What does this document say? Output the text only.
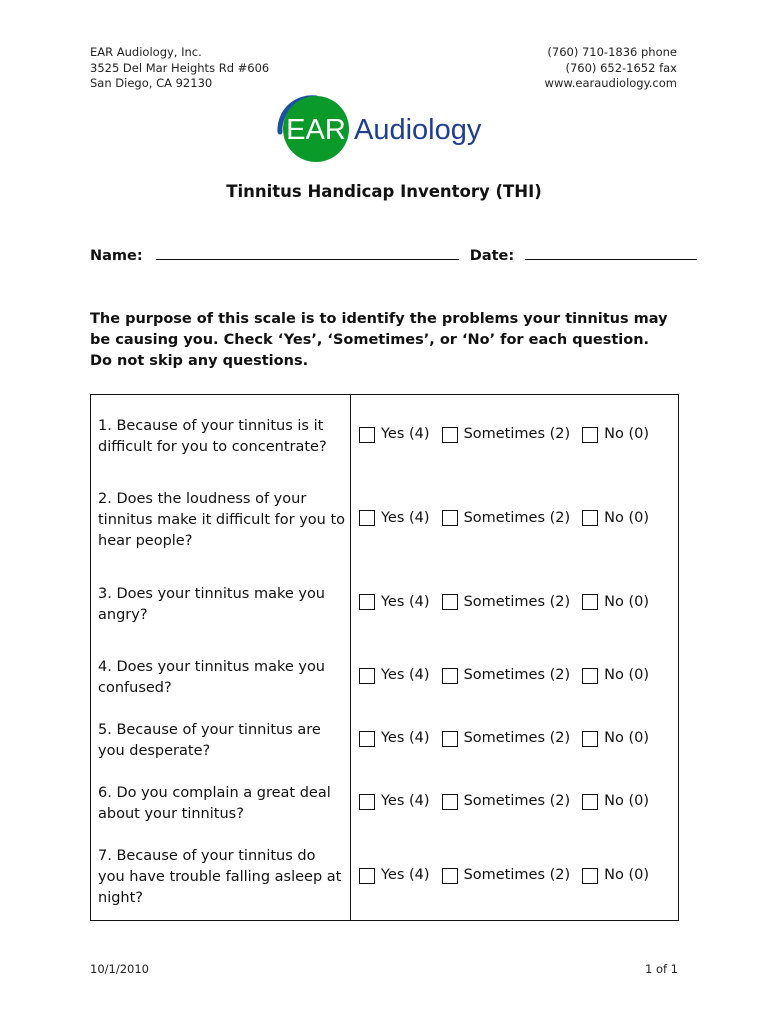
EAR Audiology, Inc.
3525 Del Mar Heights Rd #606
San Diego, CA 92130
(760) 710-1836 phone
(760) 652-1652 fax
www.earaudiology.com
EAR Audiology
Tinnitus Handicap Inventory (THI)
Name:	Date:
The purpose of this scale is to identify the problems your tinnitus may
be causing you. Check ‘Yes’, ‘Sometimes’, or ‘No’ for each question.
Do not skip any questions.
1. Because of your tinnitus is it difficult for you to concentrate?	Yes (4) Sometimes (2) No (0)

2. Does the loudness of your tinnitus make it difficult for you to hear people?	Yes (4) Sometimes (2) No (0)

3. Does your tinnitus make you angry?	Yes (4) Sometimes (2) No (0)

4. Does your tinnitus make you confused?	Yes (4) Sometimes (2) No (0)

5. Because of your tinnitus are you desperate?	Yes (4) Sometimes (2) No (0)

6. Do you complain a great deal about your tinnitus?	Yes (4) Sometimes (2) No (0)

7. Because of your tinnitus do you have trouble falling asleep at night?	Yes (4) Sometimes (2) No (0)
10/1/2010	1 of 1
